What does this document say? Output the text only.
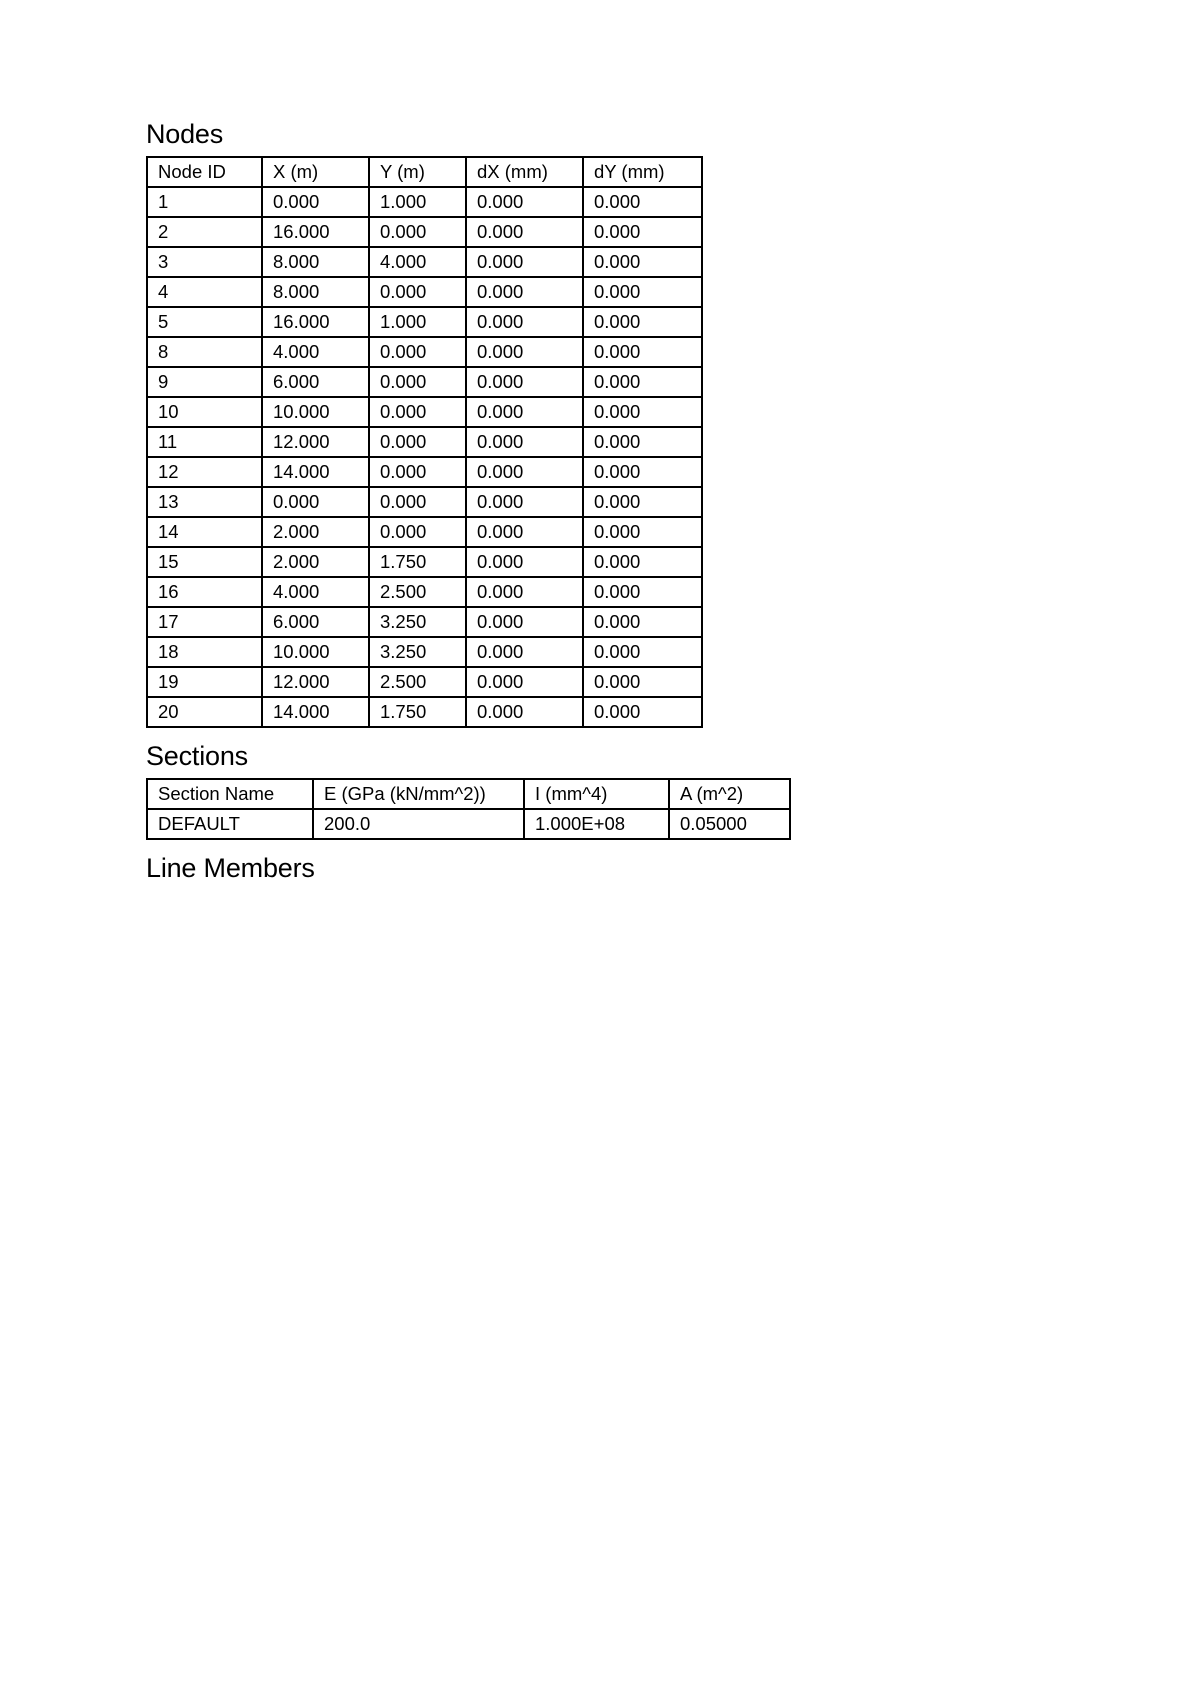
Nodes
Node ID	X (m)	Y (m)	dX (mm)	dY (mm)
1	0.000	1.000	0.000	0.000
2	16.000	0.000	0.000	0.000
3	8.000	4.000	0.000	0.000
4	8.000	0.000	0.000	0.000
5	16.000	1.000	0.000	0.000
8	4.000	0.000	0.000	0.000
9	6.000	0.000	0.000	0.000
10	10.000	0.000	0.000	0.000
11	12.000	0.000	0.000	0.000
12	14.000	0.000	0.000	0.000
13	0.000	0.000	0.000	0.000
14	2.000	0.000	0.000	0.000
15	2.000	1.750	0.000	0.000
16	4.000	2.500	0.000	0.000
17	6.000	3.250	0.000	0.000
18	10.000	3.250	0.000	0.000
19	12.000	2.500	0.000	0.000
20	14.000	1.750	0.000	0.000
Sections
Section Name	E (GPa (kN/mm^2))	I (mm^4)	A (m^2)
DEFAULT	200.0	1.000E+08	0.05000
Line Members
